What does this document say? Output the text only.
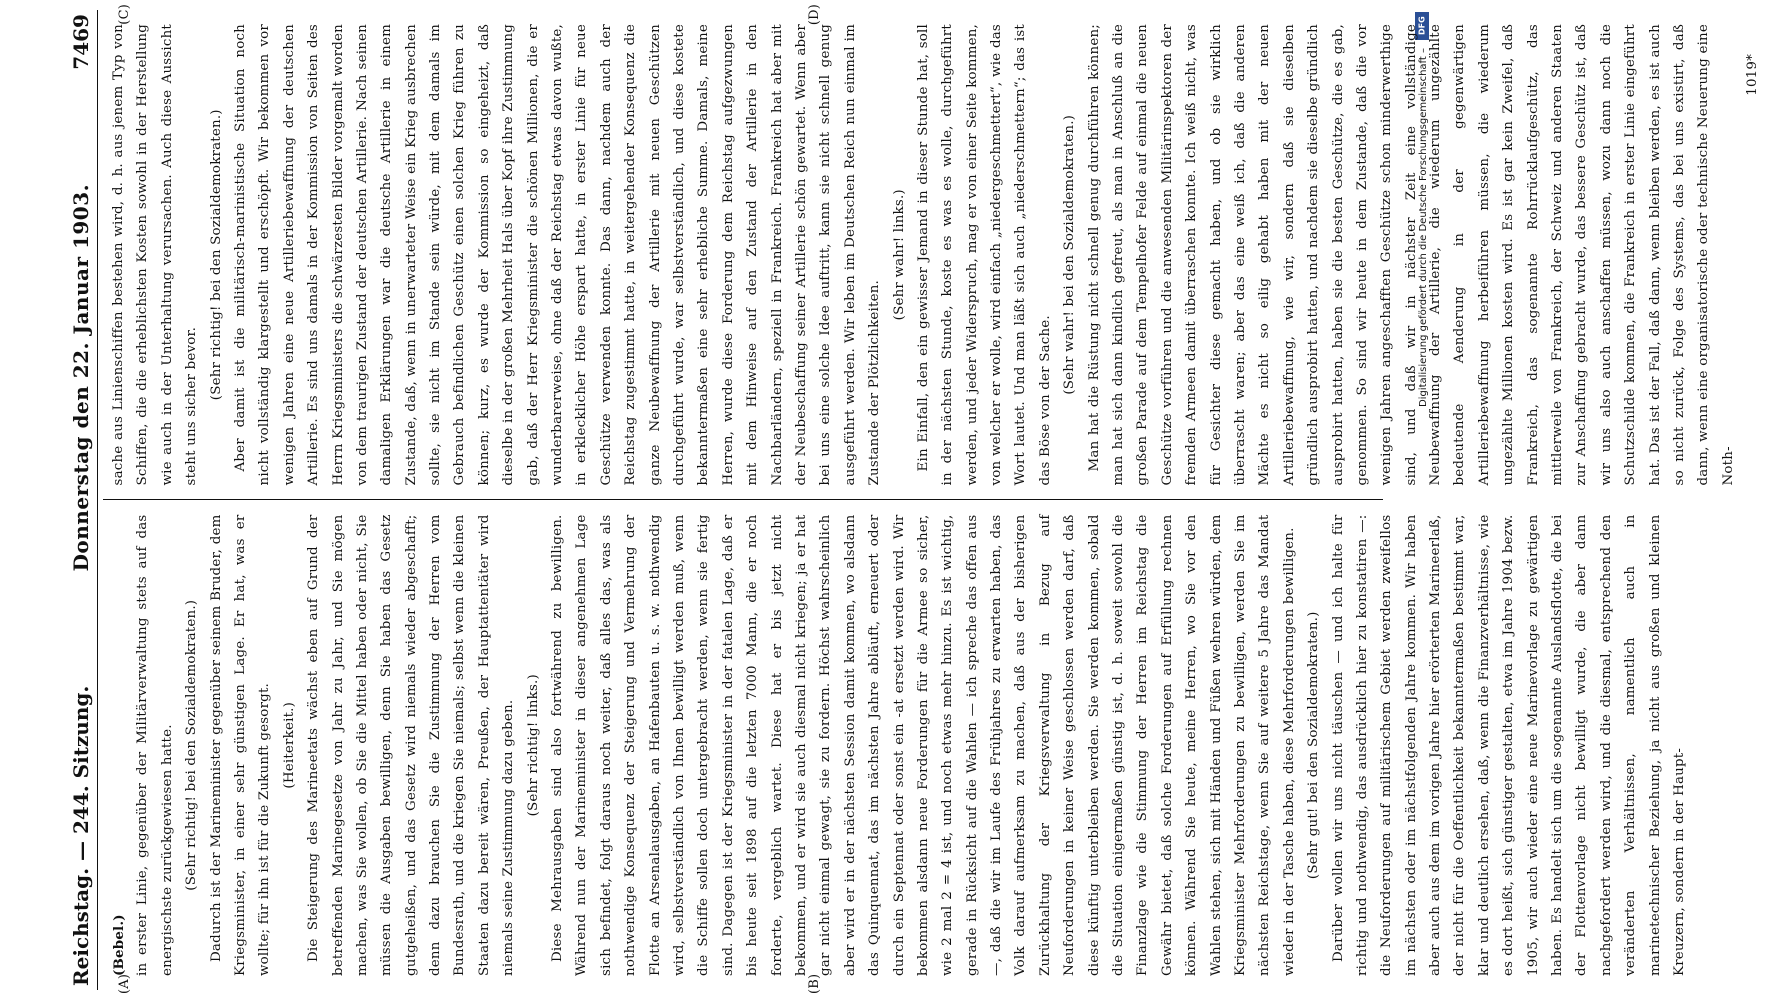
DFG
Digitalisierung gefördert durch die Deutsche Forschungsgemeinschaft –
Reichstag. — 244. Sitzung.
Donnerstag den 22. Januar 1903.
7469
(A)	(B)

(Bebel.) in erster Linie, gegenüber der Militärverwaltung stets auf das energischste zurückgewiesen hatte. (Sehr richtig! bei den Sozialdemokraten.) Dadurch ist der Marineminister gegenüber seinem Bruder, dem Kriegsminister, in einer sehr günstigen Lage. Er hat, was er wollte; für ihn ist für die Zukunft gesorgt. (Heiterkeit.) Die Steigerung des Marineetats wächst eben auf Grund der betreffenden Marinegesetze von Jahr zu Jahr, und Sie mögen machen, was Sie wollen, ob Sie die Mittel haben oder nicht, Sie müssen die Ausgaben bewilligen, denn Sie haben das Gesetz gutgeheißen, und das Gesetz wird niemals wieder abgeschafft; denn dazu brauchen Sie die Zustimmung der Herren vom Bundesrath, und die kriegen Sie niemals; selbst wenn die kleinen Staaten dazu bereit wären, Preußen, der Hauptattentäter wird niemals seine Zustimmung dazu geben. (Sehr richtig! links.) Diese Mehrausgaben sind also fortwährend zu bewilligen. Während nun der Marineminister in dieser angenehmen Lage sich befindet, folgt daraus noch weiter, daß alles das, was als nothwendige Konsequenz der Steigerung und Vermehrung der Flotte an Arsenalausgaben, an Hafenbauten u. s. w. nothwendig wird, selbstverständlich von Ihnen bewilligt werden muß, wenn die Schiffe sollen doch untergebracht werden, wenn sie fertig sind. Dagegen ist der Kriegsminister in der fatalen Lage, daß er bis heute seit 1898 auf die letzten 7000 Mann, die er noch forderte, vergeblich wartet. Diese hat er bis jetzt nicht bekommen, und er wird sie auch diesmal nicht kriegen; ja er hat gar nicht einmal gewagt, sie zu fordern. Höchst wahrscheinlich aber wird er in der nächsten Session damit kommen, wo alsdann das Quinquennat, das im nächsten Jahre abläuft, erneuert oder durch ein Septennat oder sonst ein -at ersetzt werden wird. Wir bekommen alsdann neue Forderungen für die Armee so sicher, wie 2 mal 2 = 4 ist, und noch etwas mehr hinzu. Es ist wichtig, gerade in Rücksicht auf die Wahlen — ich spreche das offen aus —, daß die wir im Laufe des Frühjahres zu erwarten haben, das Volk darauf aufmerksam zu machen, daß aus der bisherigen Zurückhaltung der Kriegsverwaltung in Bezug auf Neuforderungen in keiner Weise geschlossen werden darf, daß diese künftig unterbleiben werden. Sie werden kommen, sobald die Situation einigermaßen günstig ist, d. h. soweit sowohl die Finanzlage wie die Stimmung der Herren im Reichstag die Gewähr bietet, daß solche Forderungen auf Erfüllung rechnen können. Während Sie heute, meine Herren, wo Sie vor den Wahlen stehen, sich mit Händen und Füßen wehren würden, dem Kriegsminister Mehrforderungen zu bewilligen, werden Sie im nächsten Reichstage, wenn Sie auf weitere 5 Jahre das Mandat wieder in der Tasche haben, diese Mehrforderungen bewilligen. (Sehr gut! bei den Sozialdemokraten.) Darüber wollen wir uns nicht täuschen — und ich halte für richtig und nothwendig, das ausdrücklich hier zu konstatiren —: die Neuforderungen auf militärischem Gebiet werden zweifellos im nächsten oder im nächstfolgenden Jahre kommen. Wir haben aber auch aus dem im vorigen Jahre hier erörterten Marineerlaß, der nicht für die Oeffentlichkeit bekanntermaßen bestimmt war, klar und deutlich ersehen, daß, wenn die Finanzverhältnisse, wie es dort heißt, sich günstiger gestalten, etwa im Jahre 1904 bezw. 1905, wir auch wieder eine neue Marinevorlage zu gewärtigen haben. Es handelt sich um die sogenannte Auslandsflotte, die bei der Flottenvorlage nicht bewilligt wurde, die aber dann nachgefordert werden wird, und die diesmal, entsprechend den veränderten Verhältnissen, namentlich auch in marinetechnischer Beziehung, ja nicht aus großen und kleinen Kreuzern, sondern in der Haupt-

(C)	(D)

sache aus Linienschiffen bestehen wird, d. h. aus jenem Typ von Schiffen, die die erheblichsten Kosten sowohl in der Herstellung wie auch in der Unterhaltung verursachen. Auch diese Aussicht steht uns sicher bevor.

(Sehr richtig! bei den Sozialdemokraten.) Aber damit ist die militärisch-marinistische Situation noch nicht vollständig klargestellt und erschöpft. Wir bekommen vor wenigen Jahren eine neue Artilleriebewaffnung der deutschen Artillerie. Es sind uns damals in der Kommission von Seiten des Herrn Kriegsministers die schwärzesten Bilder vorgemalt worden von dem traurigen Zustand der deutschen Artillerie. Nach seinen damaligen Erklärungen war die deutsche Artillerie in einem Zustande, daß, wenn in unerwarteter Weise ein Krieg ausbrechen sollte, sie nicht im Stande sein würde, mit dem damals im Gebrauch befindlichen Geschütz einen solchen Krieg führen zu können; kurz, es wurde der Kommission so eingeheizt, daß dieselbe in der großen Mehrheit Hals über Kopf ihre Zustimmung gab, daß der Herr Kriegsminister die schönen Millionen, die er wunderbarerweise, ohne daß der Reichstag etwas davon wußte, in erklecklicher Höhe erspart hatte, in erster Linie für neue Geschütze verwenden konnte. Das dann, nachdem auch der Reichstag zugestimmt hatte, in weitergehender Konsequenz die ganze Neubewaffnung der Artillerie mit neuen Geschützen durchgeführt wurde, war selbstverständlich, und diese kostete bekanntermaßen eine sehr erhebliche Summe. Damals, meine Herren, wurde diese Forderung dem Reichstag aufgezwungen mit dem Hinweise auf den Zustand der Artillerie in den Nachbarländern, speziell in Frankreich. Frankreich hat aber mit der Neubeschaffung seiner Artillerie schön gewartet. Wenn aber bei uns eine solche Idee auftritt, kann sie nicht schnell genug ausgeführt werden. Wir leben im Deutschen Reich nun einmal im Zustande der Plötzlichkeiten.

(Sehr wahr! links.) Ein Einfall, den ein gewisser Jemand in dieser Stunde hat, soll in der nächsten Stunde, koste es was es wolle, durchgeführt werden, und jeder Widerspruch, mag er von einer Seite kommen, von welcher er wolle, wird einfach „niedergeschmettert“, wie das Wort lautet. Und man läßt sich auch „niederschmettern“; das ist das Böse von der Sache.

(Sehr wahr! bei den Sozialdemokraten.) Man hat die Rüstung nicht schnell genug durchführen können; man hat sich dann kindlich gefreut, als man in Anschluß an die großen Parade auf dem Tempelhofer Felde auf einmal die neuen Geschütze vorführen und die anwesenden Militärinspektoren der fremden Armeen damit überraschen konnte. Ich weiß nicht, was für Gesichter diese gemacht haben, und ob sie wirklich überrascht waren; aber das eine weiß ich, daß die anderen Mächte es nicht so eilig gehabt haben mit der neuen Artilleriebewaffnung, wie wir, sondern daß sie dieselben gründlich ausprobirt hatten, und nachdem sie dieselbe gründlich ausprobirt hatten, haben sie die besten Geschütze, die es gab, genommen. So sind wir heute in dem Zustande, daß die vor wenigen Jahren angeschafften Geschütze schon minderwerthige sind, und daß wir in nächster Zeit eine vollständige Neubewaffnung der Artillerie, die wiederum ungezählte bedeutende Aenderung in der gegenwärtigen Artilleriebewaffnung herbeiführen müssen, die wiederum ungezählte Millionen kosten wird. Es ist gar kein Zweifel, daß Frankreich, das sogenannte Rohrrücklaufgeschütz, das mittlerweile von Frankreich, der Schweiz und anderen Staaten zur Anschaffung gebracht wurde, das bessere Geschütz ist, daß wir uns also auch anschaffen müssen, wozu dann noch die Schutzschilde kommen, die Frankreich in erster Linie eingeführt hat. Das ist der Fall, daß dann, wenn bleiben werden, es ist auch so nicht zurück, Folge des Systems, das bei uns existirt, daß dann, wenn eine organisatorische oder technische Neuerung eine Noth-

1019*
